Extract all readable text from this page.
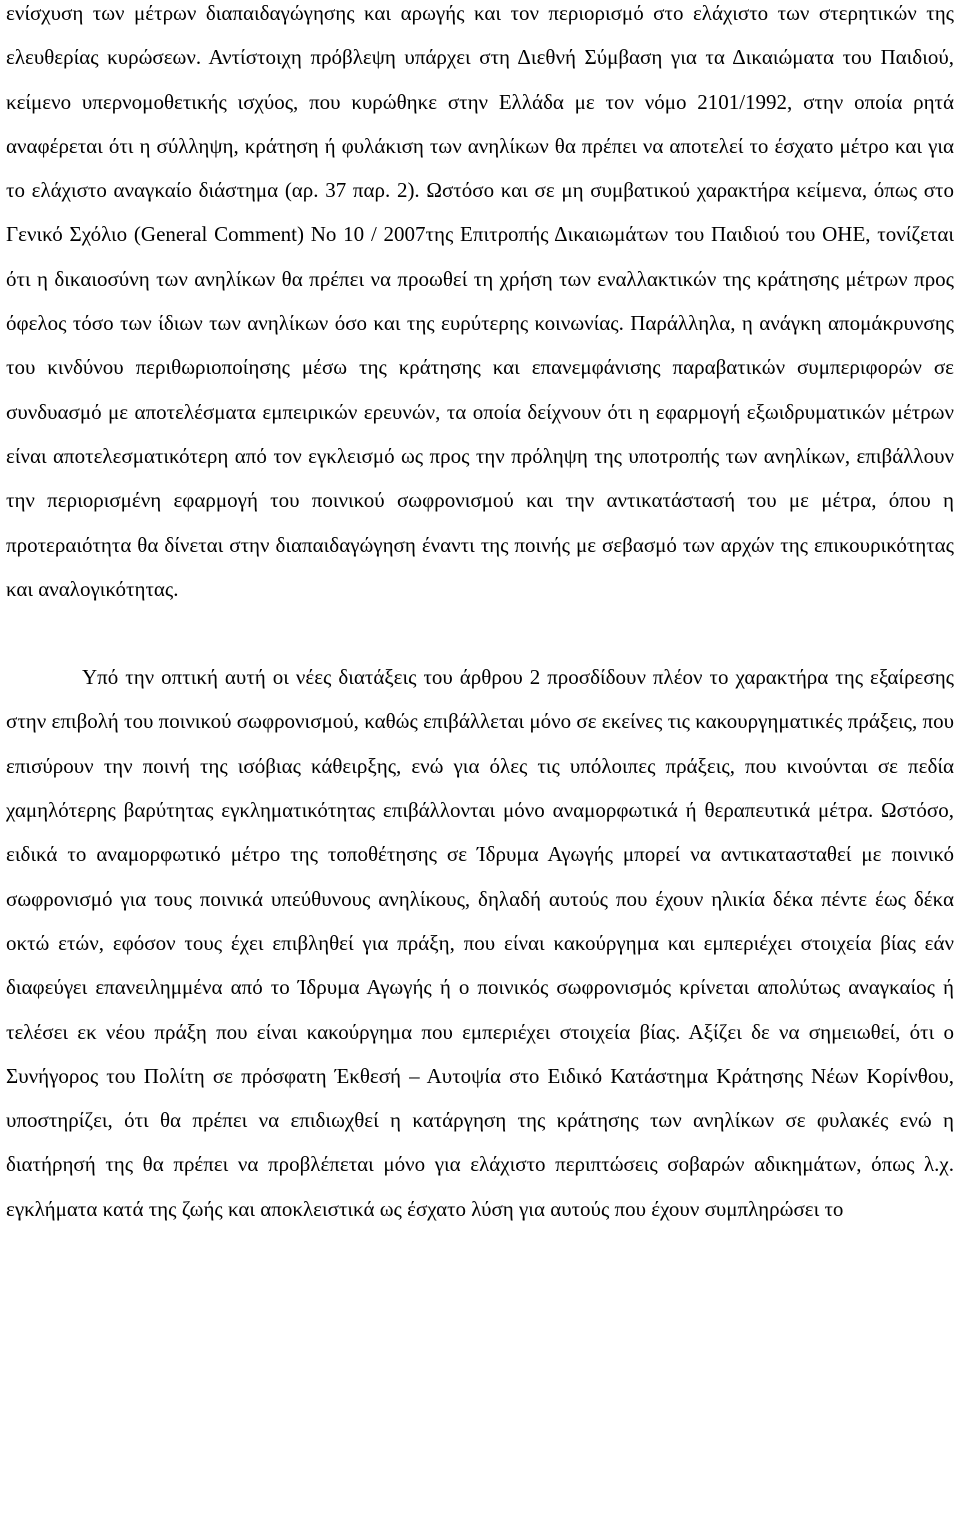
ενίσχυση των μέτρων διαπαιδαγώγησης και αρωγής και τον περιορισμό στο ελάχιστο των στερητικών της ελευθερίας κυρώσεων. Αντίστοιχη πρόβλεψη υπάρχει στη Διεθνή Σύμβαση για τα Δικαιώματα του Παιδιού, κείμενο υπερνομοθετικής ισχύος, που κυρώθηκε στην Ελλάδα με τον νόμο 2101/1992, στην οποία ρητά αναφέρεται ότι η σύλληψη, κράτηση ή φυλάκιση των ανηλίκων θα πρέπει να αποτελεί το έσχατο μέτρο και για το ελάχιστο αναγκαίο διάστημα (αρ. 37 παρ. 2). Ωστόσο και σε μη συμβατικού χαρακτήρα κείμενα, όπως στο Γενικό Σχόλιο (General Comment) Νο 10 / 2007της Επιτροπής Δικαιωμάτων του Παιδιού του ΟΗΕ, τονίζεται ότι η δικαιοσύνη των ανηλίκων θα πρέπει να προωθεί τη χρήση των εναλλακτικών της κράτησης μέτρων προς όφελος τόσο των ίδιων των ανηλίκων όσο και της ευρύτερης κοινωνίας. Παράλληλα, η ανάγκη απομάκρυνσης του κινδύνου περιθωριοποίησης μέσω της κράτησης και επανεμφάνισης παραβατικών συμπεριφορών σε συνδυασμό με αποτελέσματα εμπειρικών ερευνών, τα οποία δείχνουν ότι η εφαρμογή εξωιδρυματικών μέτρων είναι αποτελεσματικότερη από τον εγκλεισμό ως προς την πρόληψη της υποτροπής των ανηλίκων, επιβάλλουν την περιορισμένη εφαρμογή του ποινικού σωφρονισμού και την αντικατάστασή του με μέτρα, όπου η προτεραιότητα θα δίνεται στην διαπαιδαγώγηση έναντι της ποινής με σεβασμό των αρχών της επικουρικότητας και αναλογικότητας.

Υπό την οπτική αυτή οι νέες διατάξεις του άρθρου 2 προσδίδουν πλέον το χαρακτήρα της εξαίρεσης στην επιβολή του ποινικού σωφρονισμού, καθώς επιβάλλεται μόνο σε εκείνες τις κακουργηματικές πράξεις, που επισύρουν την ποινή της ισόβιας κάθειρξης, ενώ για όλες τις υπόλοιπες πράξεις, που κινούνται σε πεδία χαμηλότερης βαρύτητας εγκληματικότητας επιβάλλονται μόνο αναμορφωτικά ή θεραπευτικά μέτρα. Ωστόσο, ειδικά το αναμορφωτικό μέτρο της τοποθέτησης σε Ίδρυμα Αγωγής μπορεί να αντικατασταθεί με ποινικό σωφρονισμό για τους ποινικά υπεύθυνους ανηλίκους, δηλαδή αυτούς που έχουν ηλικία δέκα πέντε έως δέκα οκτώ ετών, εφόσον τους έχει επιβληθεί για πράξη, που είναι κακούργημα και εμπεριέχει στοιχεία βίας εάν διαφεύγει επανειλημμένα από το Ίδρυμα Αγωγής ή ο ποινικός σωφρονισμός κρίνεται απολύτως αναγκαίος ή τελέσει εκ νέου πράξη που είναι κακούργημα που εμπεριέχει στοιχεία βίας. Αξίζει δε να σημειωθεί, ότι ο Συνήγορος του Πολίτη σε πρόσφατη Έκθεσή – Αυτοψία στο Ειδικό Κατάστημα Κράτησης Νέων Κορίνθου, υποστηρίζει, ότι θα πρέπει να επιδιωχθεί η κατάργηση της κράτησης των ανηλίκων σε φυλακές ενώ η διατήρησή της θα πρέπει να προβλέπεται μόνο για ελάχιστο περιπτώσεις σοβαρών αδικημάτων, όπως λ.χ. εγκλήματα κατά της ζωής και αποκλειστικά ως έσχατο λύση για αυτούς που έχουν συμπληρώσει το
